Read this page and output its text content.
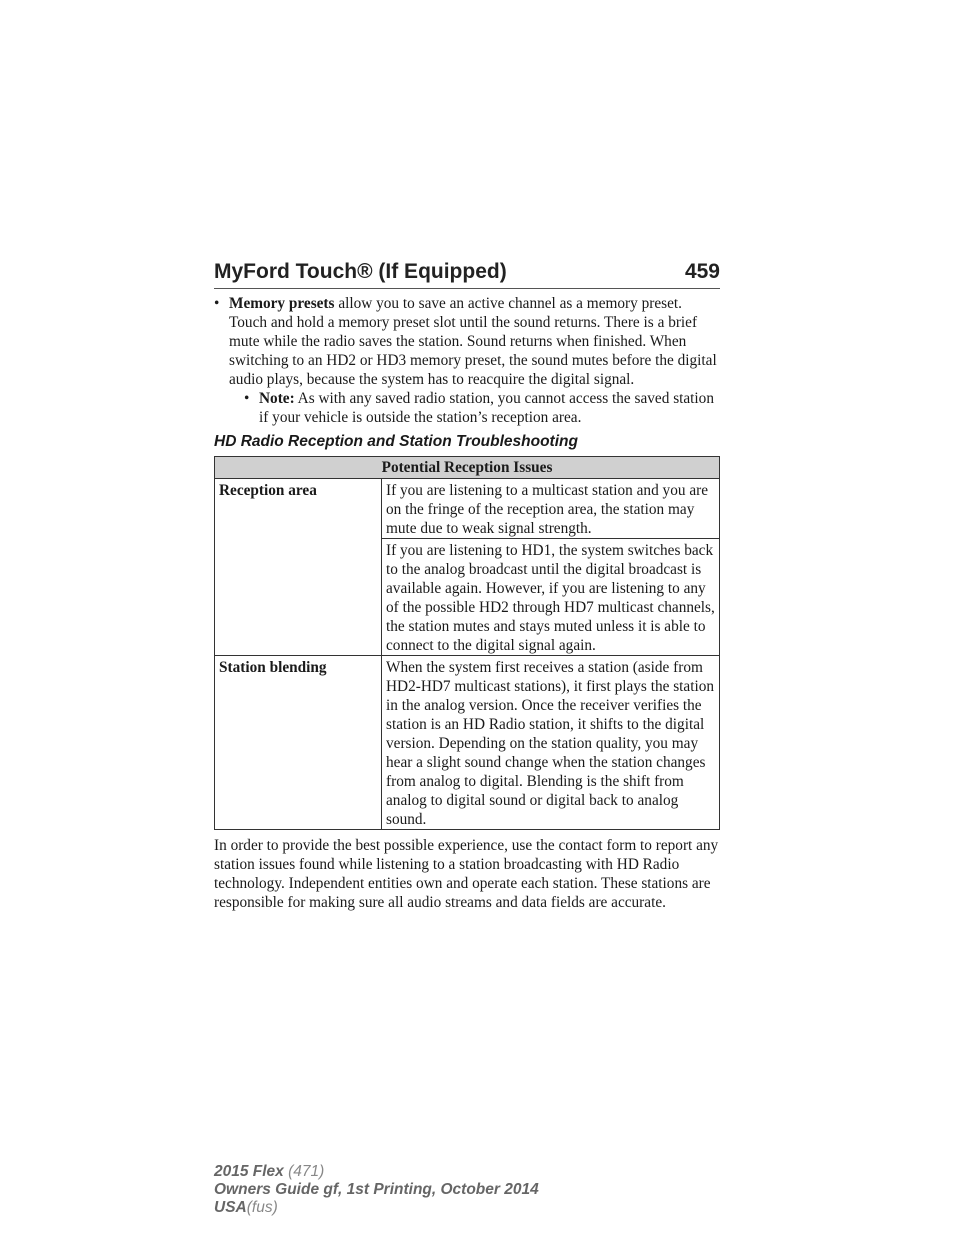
MyFord Touch® (If Equipped)	459
• Memory presets allow you to save an active channel as a memory preset. Touch and hold a memory preset slot until the sound returns. There is a brief mute while the radio saves the station. Sound returns when finished. When switching to an HD2 or HD3 memory preset, the sound mutes before the digital audio plays, because the system has to reacquire the digital signal.
• Note: As with any saved radio station, you cannot access the saved station if your vehicle is outside the station’s reception area.
HD Radio Reception and Station Troubleshooting
Potential Reception Issues	
Reception area	If you are listening to a multicast station and you are on the fringe of the reception area, the station may mute due to weak signal strength.
	If you are listening to HD1, the system switches back to the analog broadcast until the digital broadcast is available again. However, if you are listening to any of the possible HD2 through HD7 multicast channels, the station mutes and stays muted unless it is able to connect to the digital signal again.
Station blending	When the system first receives a station (aside from HD2-HD7 multicast stations), it first plays the station in the analog version. Once the receiver verifies the station is an HD Radio station, it shifts to the digital version. Depending on the station quality, you may hear a slight sound change when the station changes from analog to digital. Blending is the shift from analog to digital sound or digital back to analog sound.
In order to provide the best possible experience, use the contact form to report any station issues found while listening to a station broadcasting with HD Radio technology. Independent entities own and operate each station. These stations are responsible for making sure all audio streams and data fields are accurate.
2015 Flex (471)
Owners Guide gf, 1st Printing, October 2014
USA(fus)
